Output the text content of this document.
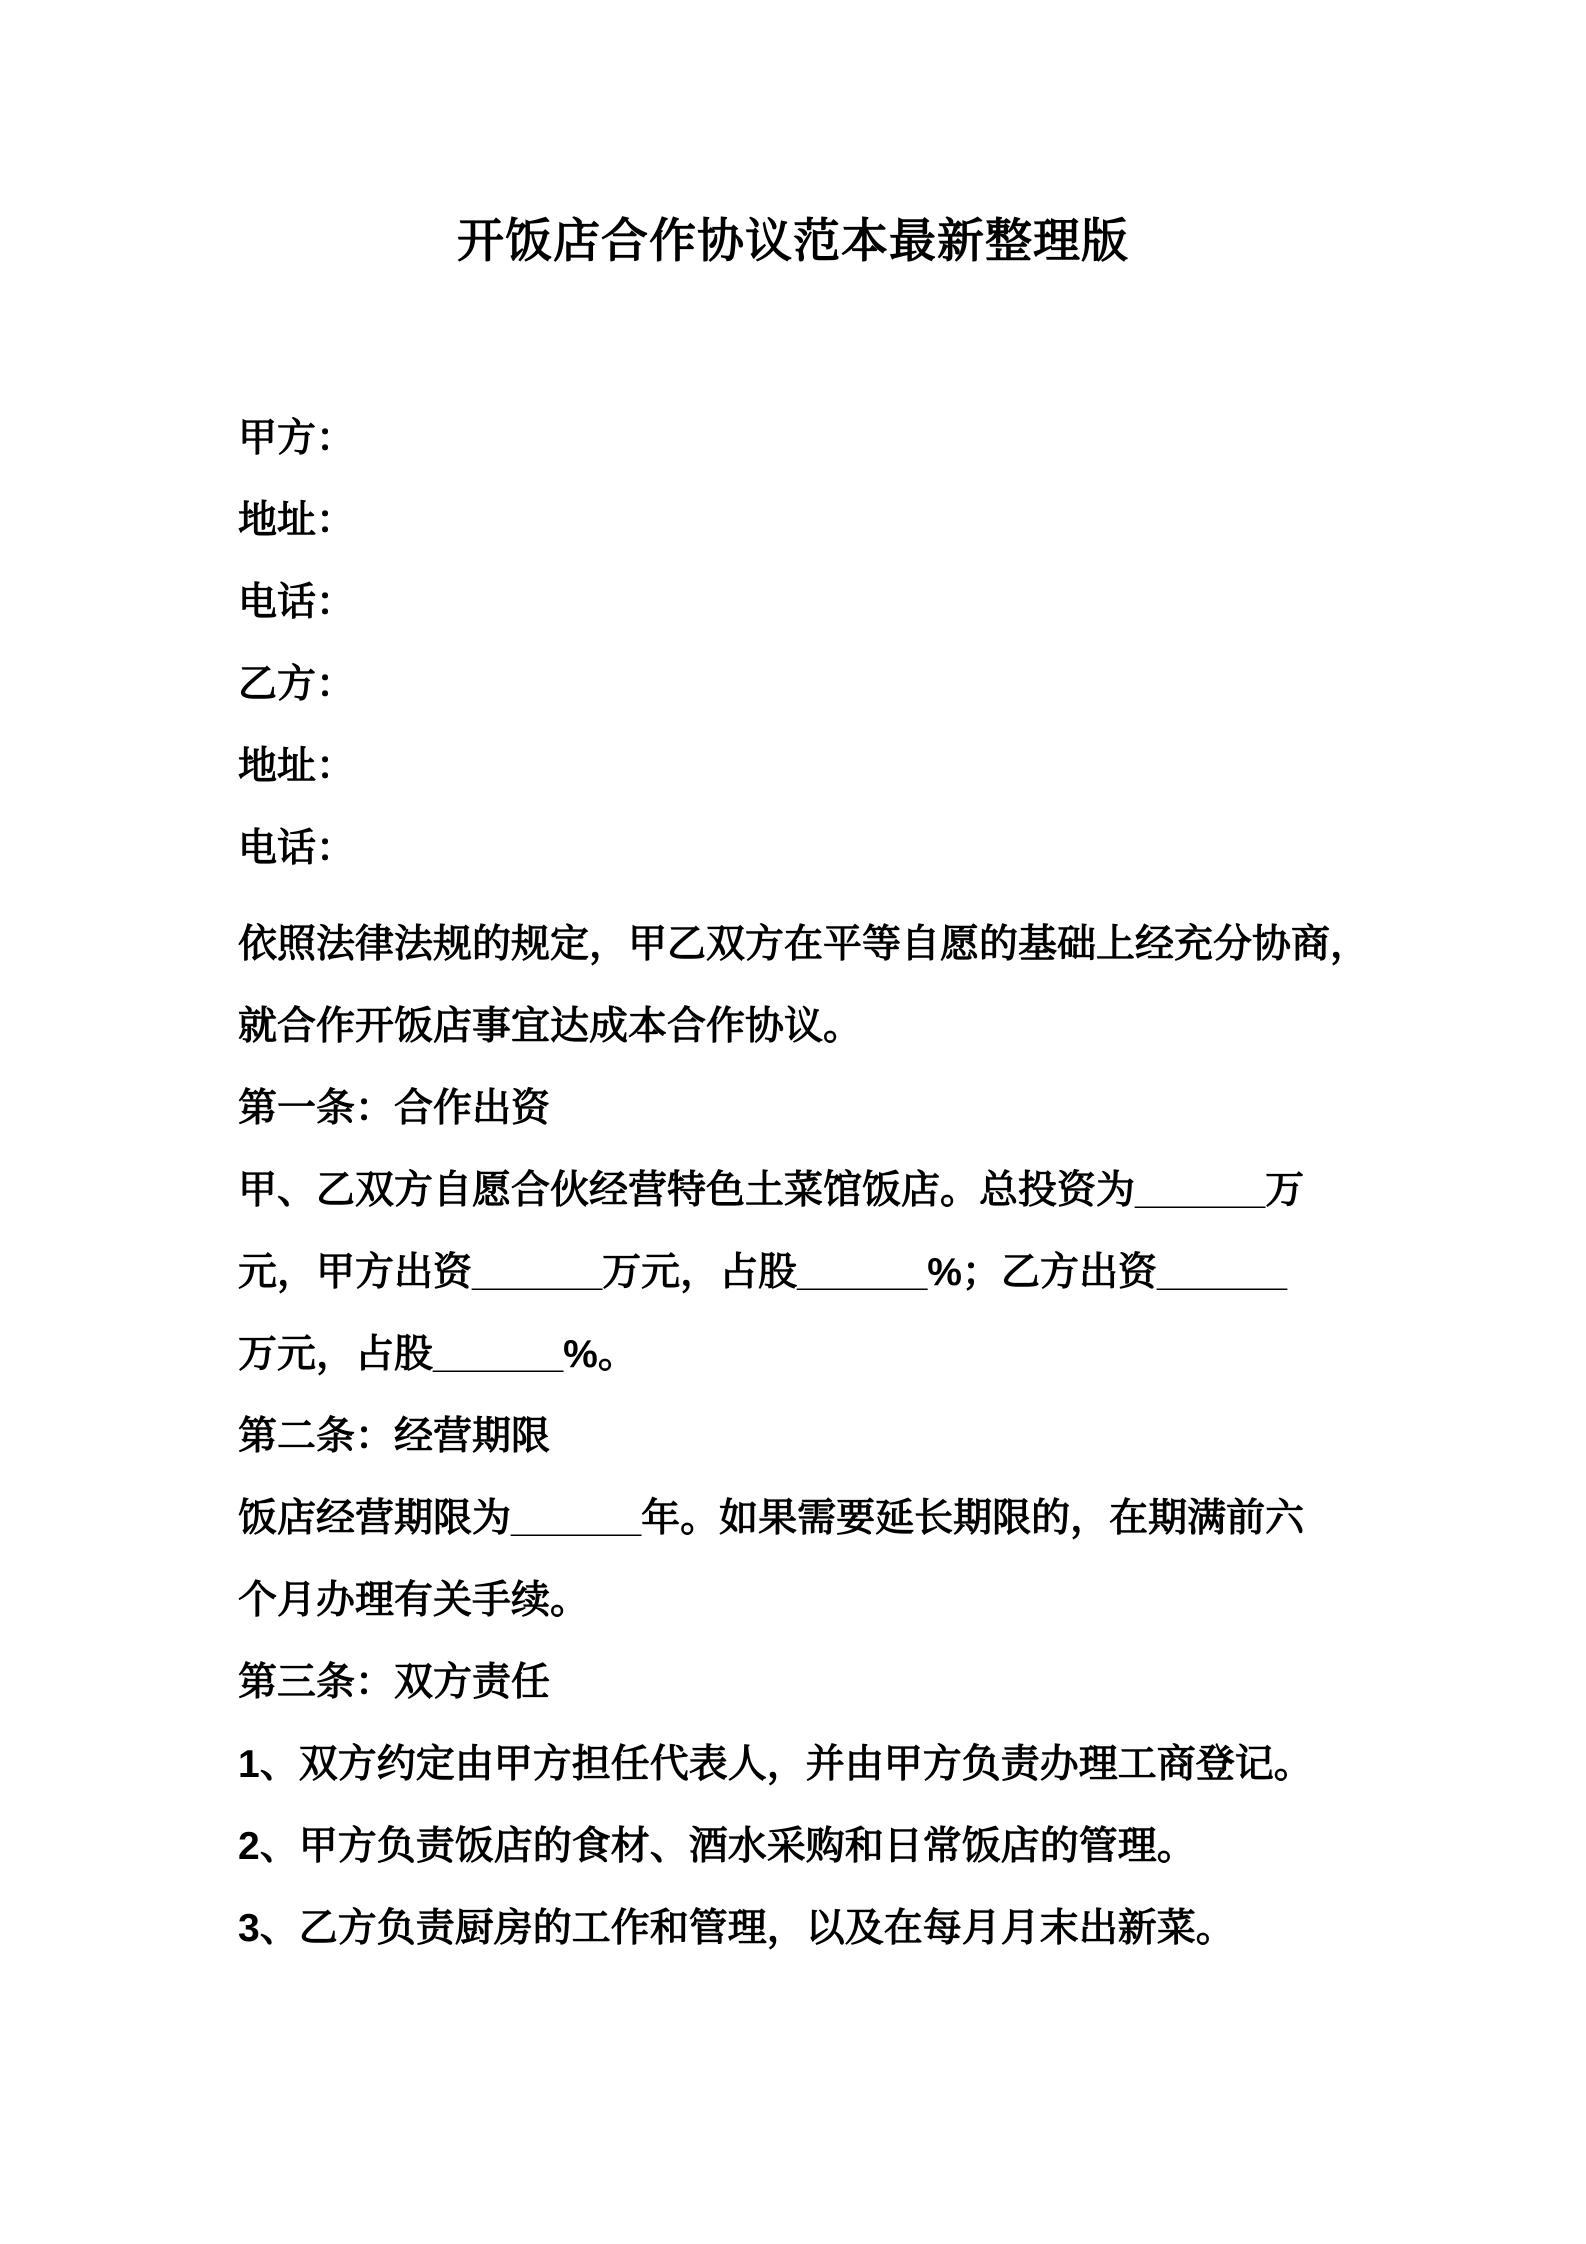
开饭店合作协议范本最新整理版

甲方：

地址：

电话：

乙方：

地址：

电话：

依照法律法规的规定，甲乙双方在平等自愿的基础上经充分协商，

就合作开饭店事宜达成本合作协议。

第一条：合作出资

甲、乙双方自愿合伙经营特色土菜馆饭店。总投资为______万

元，甲方出资______万元，占股______%；乙方出资______

万元，占股______%。

第二条：经营期限

饭店经营期限为______年。如果需要延长期限的，在期满前六

个月办理有关手续。

第三条：双方责任

1、双方约定由甲方担任代表人，并由甲方负责办理工商登记。

2、甲方负责饭店的食材、酒水采购和日常饭店的管理。

3、乙方负责厨房的工作和管理，以及在每月月末出新菜。
